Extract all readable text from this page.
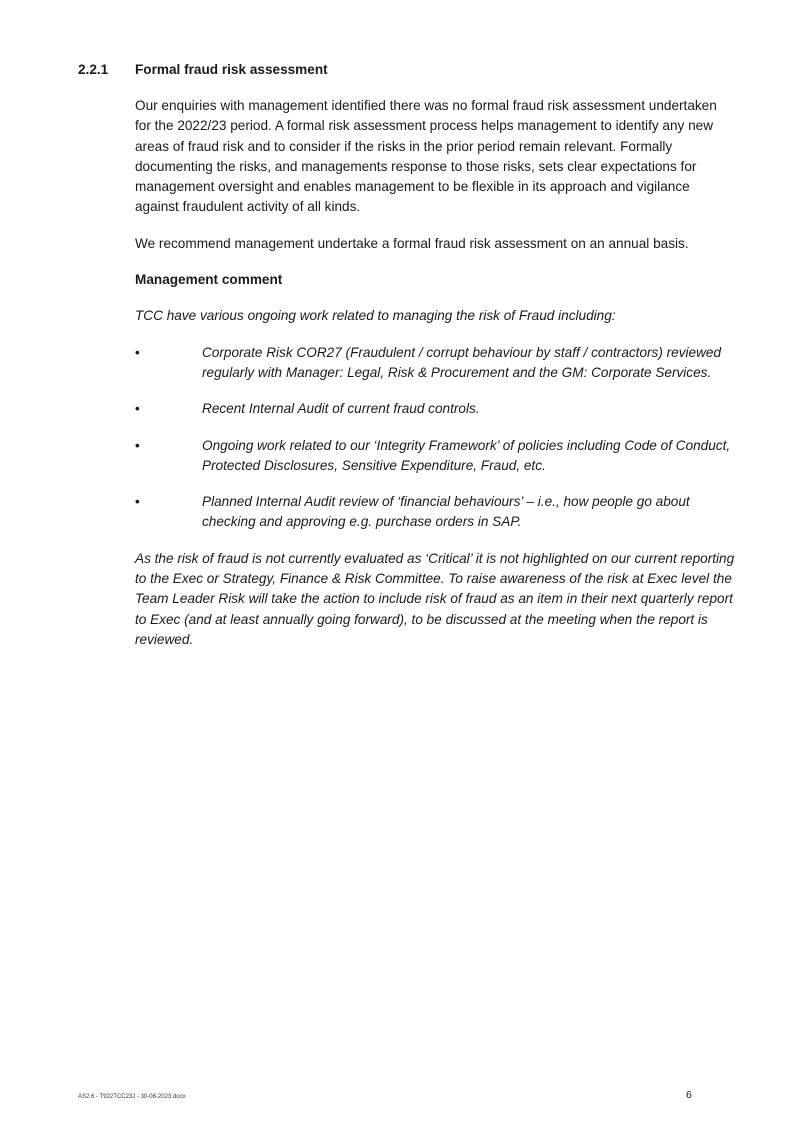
2.2.1 Formal fraud risk assessment

Our enquiries with management identified there was no formal fraud risk assessment undertaken for the 2022/23 period. A formal risk assessment process helps management to identify any new areas of fraud risk and to consider if the risks in the prior period remain relevant. Formally documenting the risks, and managements response to those risks, sets clear expectations for management oversight and enables management to be flexible in its approach and vigilance against fraudulent activity of all kinds.

We recommend management undertake a formal fraud risk assessment on an annual basis.

Management comment

TCC have various ongoing work related to managing the risk of Fraud including:

•	Corporate Risk COR27 (Fraudulent / corrupt behaviour by staff / contractors) reviewed regularly with Manager: Legal, Risk & Procurement and the GM: Corporate Services.
•	Recent Internal Audit of current fraud controls.
•	Ongoing work related to our ‘Integrity Framework’ of policies including Code of Conduct, Protected Disclosures, Sensitive Expenditure, Fraud, etc.
•	Planned Internal Audit review of ‘financial behaviours’ – i.e., how people go about checking and approving e.g. purchase orders in SAP.

As the risk of fraud is not currently evaluated as ‘Critical’ it is not highlighted on our current reporting to the Exec or Strategy, Finance & Risk Committee. To raise awareness of the risk at Exec level the Team Leader Risk will take the action to include risk of fraud as an item in their next quarterly report to Exec (and at least annually going forward), to be discussed at the meeting when the report is reviewed.

AS2.6 - T922TCC23J - 30-06-2023.docx	6
